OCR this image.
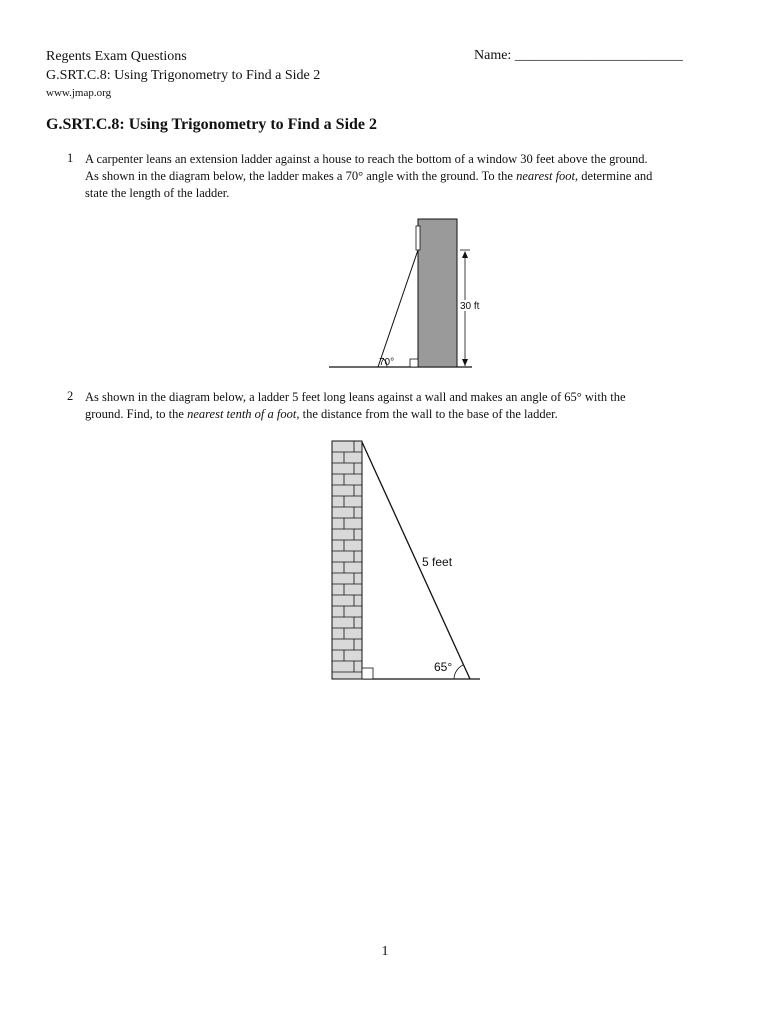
Regents Exam Questions
G.SRT.C.8: Using Trigonometry to Find a Side 2
www.jmap.org
Name: ________________________
G.SRT.C.8: Using Trigonometry to Find a Side 2
1 A carpenter leans an extension ladder against a house to reach the bottom of a window 30 feet above the ground.
As shown in the diagram below, the ladder makes a 70° angle with the ground. To the nearest foot, determine and
state the length of the ladder.
30 ft
70°
2 As shown in the diagram below, a ladder 5 feet long leans against a wall and makes an angle of 65° with the
ground. Find, to the nearest tenth of a foot, the distance from the wall to the base of the ladder.
5 feet
65°
1
